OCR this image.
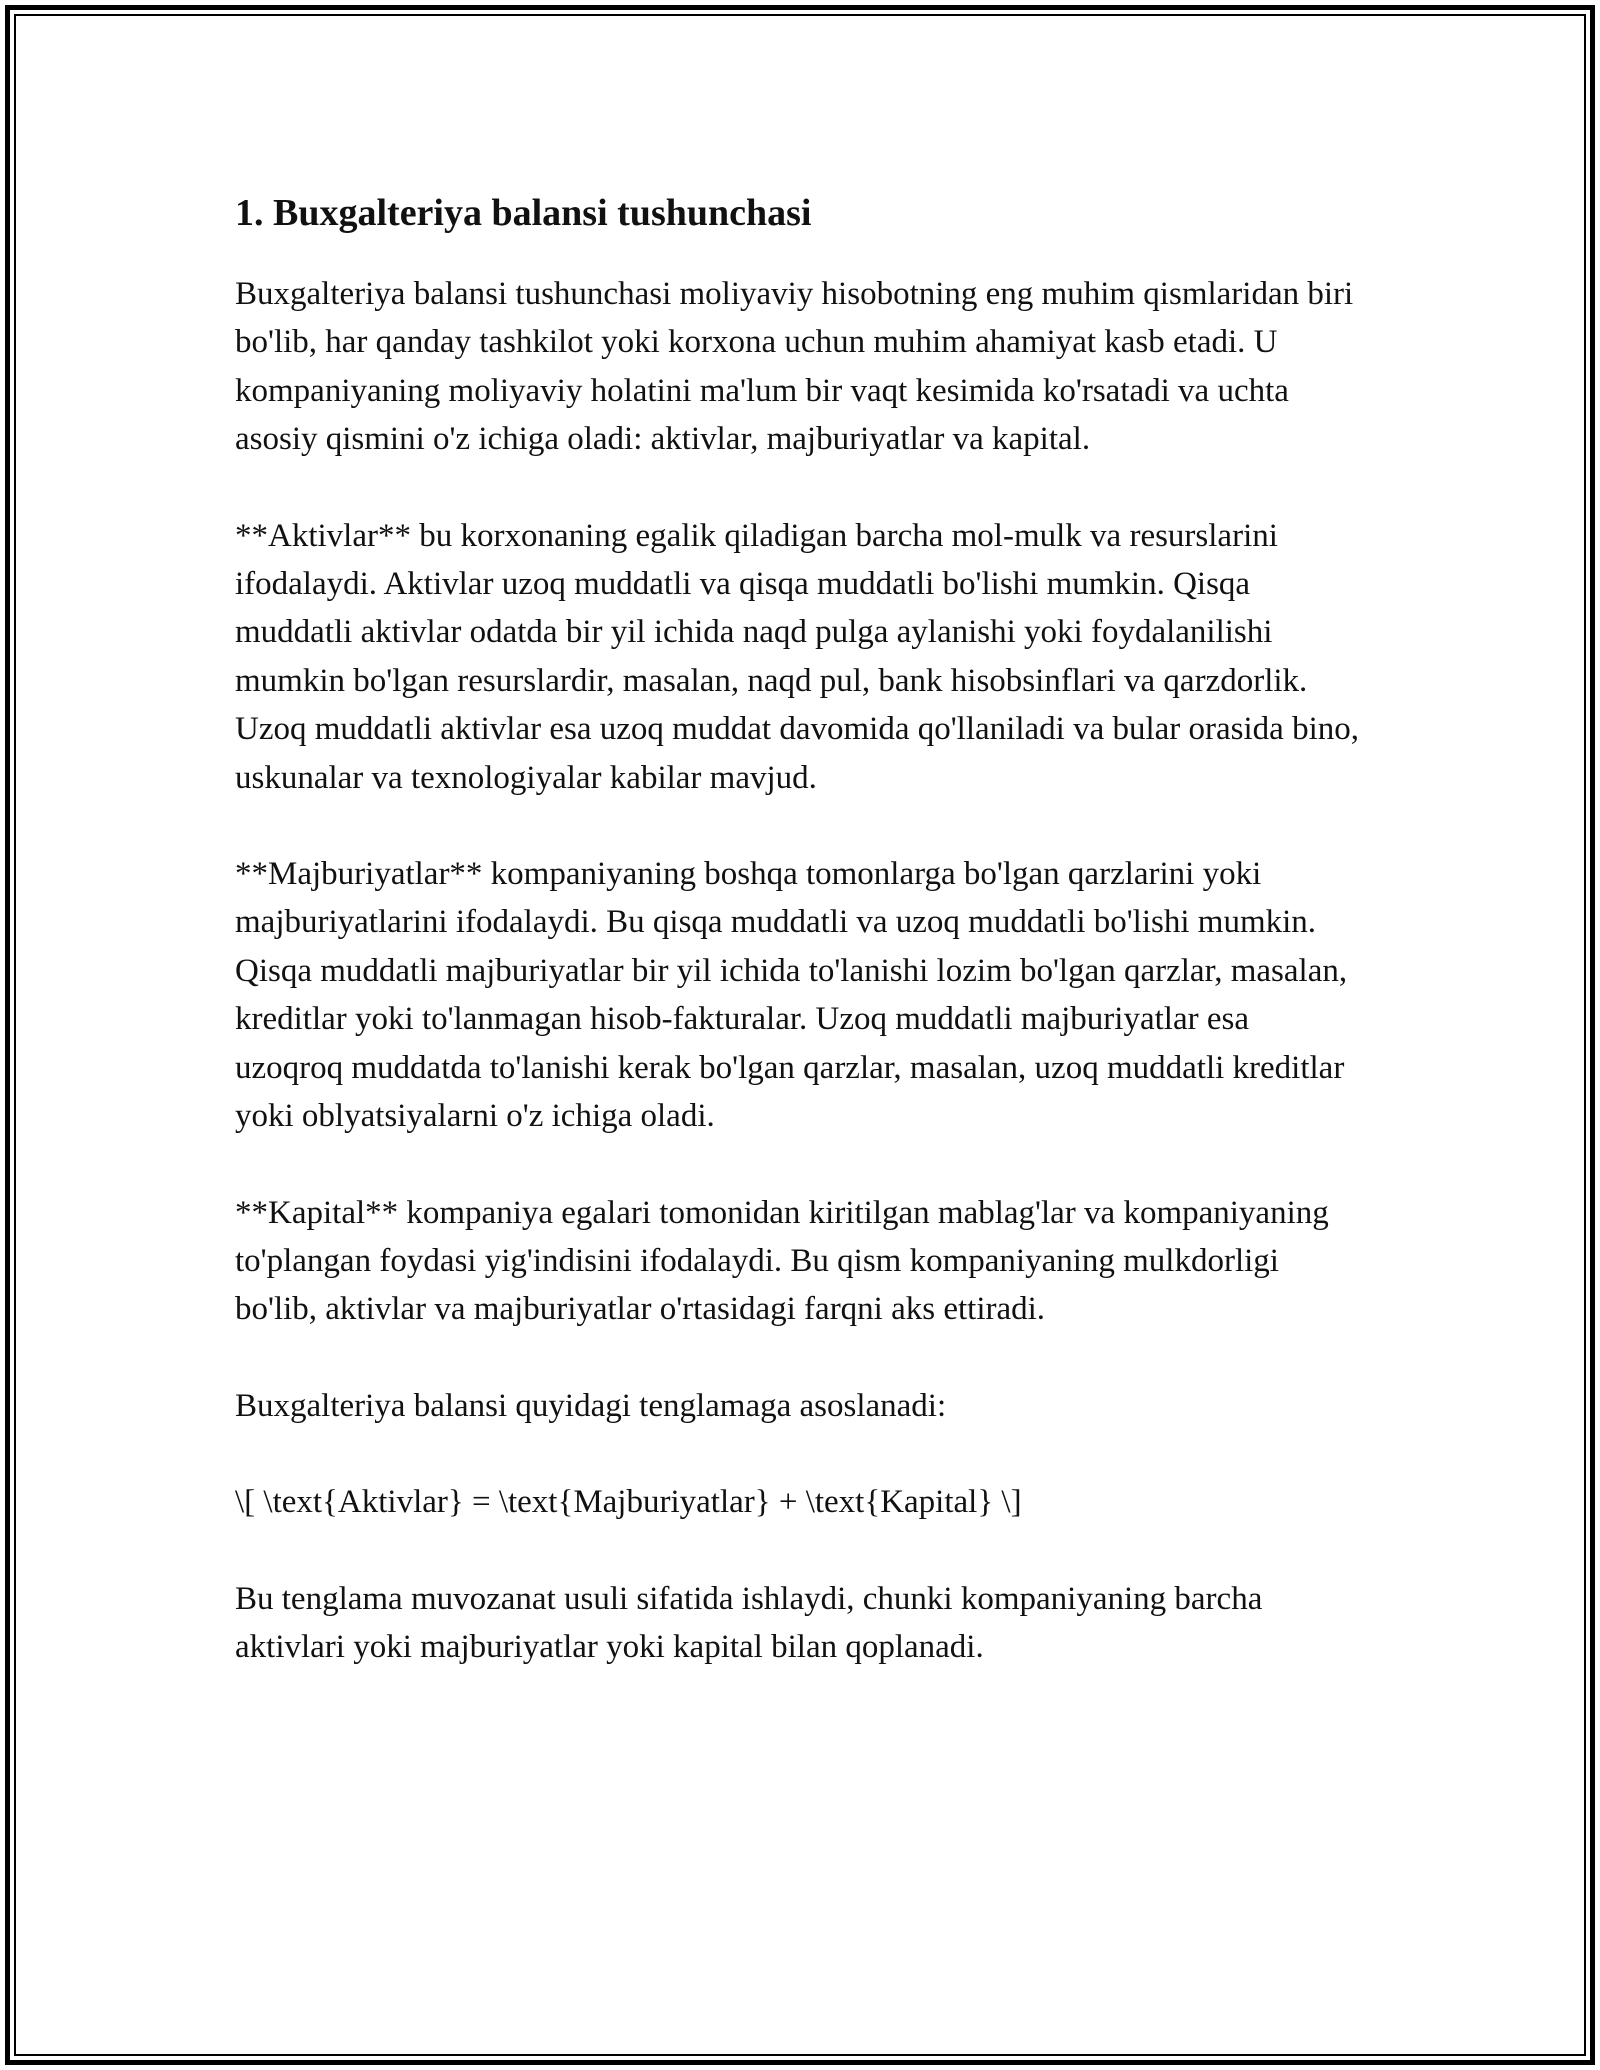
1. Buxgalteriya balansi tushunchasi

Buxgalteriya balansi tushunchasi moliyaviy hisobotning eng muhim qismlaridan biri bo'lib, har qanday tashkilot yoki korxona uchun muhim ahamiyat kasb etadi. U kompaniyaning moliyaviy holatini ma'lum bir vaqt kesimida ko'rsatadi va uchta asosiy qismini o'z ichiga oladi: aktivlar, majburiyatlar va kapital.

**Aktivlar** bu korxonaning egalik qiladigan barcha mol-mulk va resurslarini ifodalaydi. Aktivlar uzoq muddatli va qisqa muddatli bo'lishi mumkin. Qisqa muddatli aktivlar odatda bir yil ichida naqd pulga aylanishi yoki foydalanilishi mumkin bo'lgan resurslardir, masalan, naqd pul, bank hisobsinflari va qarzdorlik. Uzoq muddatli aktivlar esa uzoq muddat davomida qo'llaniladi va bular orasida bino, uskunalar va texnologiyalar kabilar mavjud.

**Majburiyatlar** kompaniyaning boshqa tomonlarga bo'lgan qarzlarini yoki majburiyatlarini ifodalaydi. Bu qisqa muddatli va uzoq muddatli bo'lishi mumkin. Qisqa muddatli majburiyatlar bir yil ichida to'lanishi lozim bo'lgan qarzlar, masalan, kreditlar yoki to'lanmagan hisob-fakturalar. Uzoq muddatli majburiyatlar esa uzoqroq muddatda to'lanishi kerak bo'lgan qarzlar, masalan, uzoq muddatli kreditlar yoki oblyatsiyalarni o'z ichiga oladi.

**Kapital** kompaniya egalari tomonidan kiritilgan mablag'lar va kompaniyaning to'plangan foydasi yig'indisini ifodalaydi. Bu qism kompaniyaning mulkdorligi bo'lib, aktivlar va majburiyatlar o'rtasidagi farqni aks ettiradi.

Buxgalteriya balansi quyidagi tenglamaga asoslanadi:

\[ \text{Aktivlar} = \text{Majburiyatlar} + \text{Kapital} \]

Bu tenglama muvozanat usuli sifatida ishlaydi, chunki kompaniyaning barcha aktivlari yoki majburiyatlar yoki kapital bilan qoplanadi.
